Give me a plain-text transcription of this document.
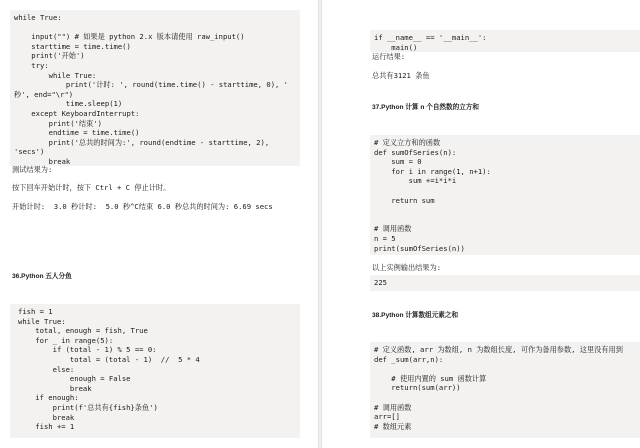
while True:

input("") # 如果是 python 2.x 版本请使用 raw_input()
starttime = time.time()
print('开始')
try:
while True:
print('计时: ', round(time.time() - starttime, 0), '
秒', end="\r")
time.sleep(1)
except KeyboardInterrupt:
print('结束')
endtime = time.time()
print('总共的时间为:', round(endtime - starttime, 2),
'secs')
break
测试结果为:
按下回车开始计时，按下 Ctrl + C 停止计时。
开始计时:  3.0 秒计时:  5.0 秒^C结束 6.0 秒总共的时间为: 6.69 secs
36.Python 五人分鱼
fish = 1
while True:
total, enough = fish, True
for _ in range(5):
if (total - 1) % 5 == 0:
total = (total - 1)  //  5 * 4
else:
enough = False
break
if enough:
print(f'总共有{fish}条鱼')
break
fish += 1
if __name__ == '__main__':
main()
运行结果:
总共有3121 条鱼
37.Python 计算 n 个自然数的立方和
# 定义立方和的函数
def sumOfSeries(n):
sum = 0
for i in range(1, n+1):
sum +=i*i*i

return sum

# 调用函数
n = 5
print(sumOfSeries(n))
以上实例输出结果为:
225
38.Python 计算数组元素之和
# 定义函数, arr 为数组, n 为数组长度, 可作为备用参数, 这里没有用到
def _sum(arr,n):

# 使用内置的 sum 函数计算
return(sum(arr))

# 调用函数
arr=[]
# 数组元素
